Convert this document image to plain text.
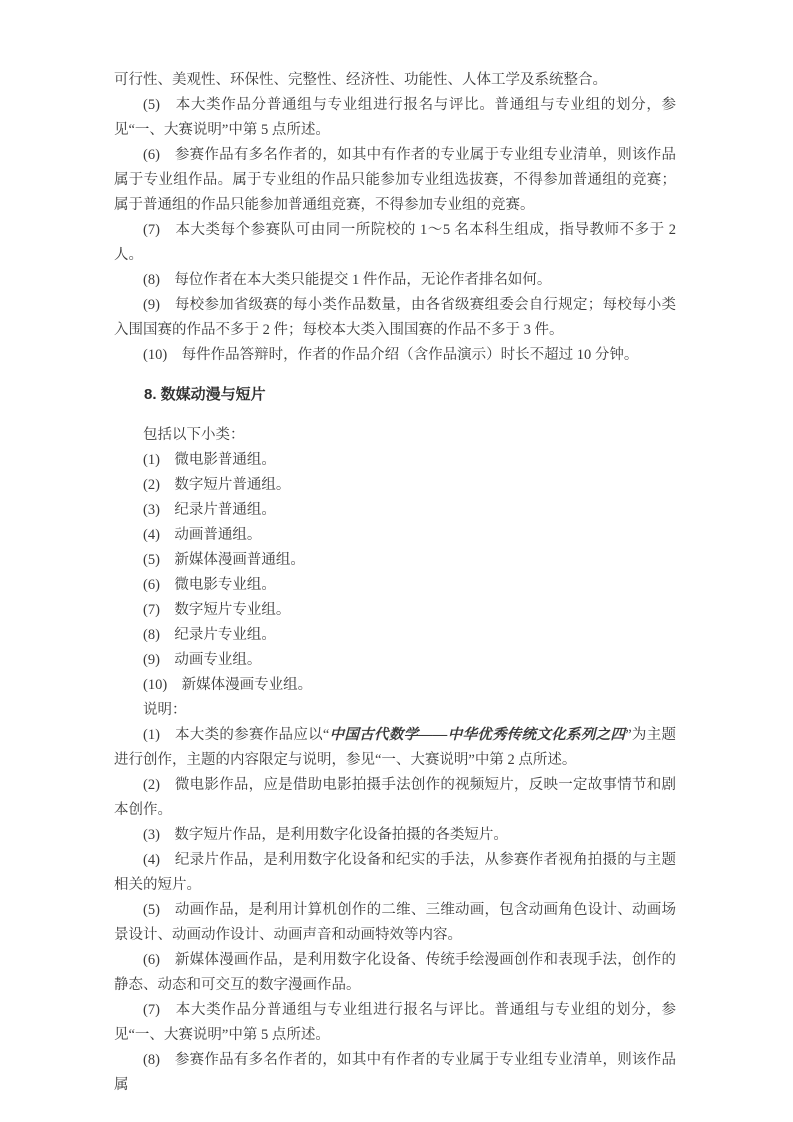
可行性、美观性、环保性、完整性、经济性、功能性、人体工学及系统整合。

(5)　本大类作品分普通组与专业组进行报名与评比。普通组与专业组的划分，参见“一、大赛说明”中第 5 点所述。

(6)　参赛作品有多名作者的，如其中有作者的专业属于专业组专业清单，则该作品属于专业组作品。属于专业组的作品只能参加专业组选拔赛，不得参加普通组的竞赛；属于普通组的作品只能参加普通组竞赛，不得参加专业组的竞赛。

(7)　本大类每个参赛队可由同一所院校的 1～5 名本科生组成，指导教师不多于 2 人。

(8)　每位作者在本大类只能提交 1 件作品，无论作者排名如何。

(9)　每校参加省级赛的每小类作品数量，由各省级赛组委会自行规定；每校每小类入围国赛的作品不多于 2 件；每校本大类入围国赛的作品不多于 3 件。

(10)　每件作品答辩时，作者的作品介绍（含作品演示）时长不超过 10 分钟。

8. 数媒动漫与短片

包括以下小类：

(1)　微电影普通组。

(2)　数字短片普通组。

(3)　纪录片普通组。

(4)　动画普通组。

(5)　新媒体漫画普通组。

(6)　微电影专业组。

(7)　数字短片专业组。

(8)　纪录片专业组。

(9)　动画专业组。

(10)　新媒体漫画专业组。

说明：

(1)　本大类的参赛作品应以“中国古代数学——中华优秀传统文化系列之四”为主题进行创作，主题的内容限定与说明，参见“一、大赛说明”中第 2 点所述。

(2)　微电影作品，应是借助电影拍摄手法创作的视频短片，反映一定故事情节和剧本创作。

(3)　数字短片作品，是利用数字化设备拍摄的各类短片。

(4)　纪录片作品，是利用数字化设备和纪实的手法，从参赛作者视角拍摄的与主题相关的短片。

(5)　动画作品，是利用计算机创作的二维、三维动画，包含动画角色设计、动画场景设计、动画动作设计、动画声音和动画特效等内容。

(6)　新媒体漫画作品，是利用数字化设备、传统手绘漫画创作和表现手法，创作的静态、动态和可交互的数字漫画作品。

(7)　本大类作品分普通组与专业组进行报名与评比。普通组与专业组的划分，参见“一、大赛说明”中第 5 点所述。

(8)　参赛作品有多名作者的，如其中有作者的专业属于专业组专业清单，则该作品属
